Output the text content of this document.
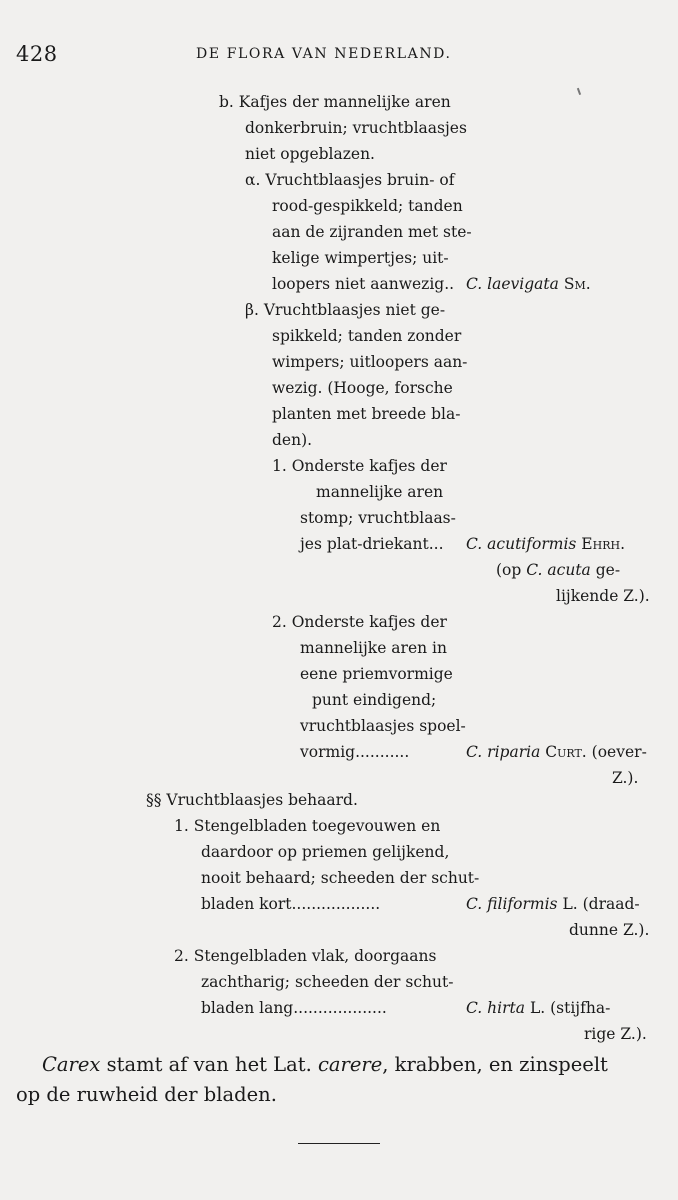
428	DE FLORA VAN NEDERLAND.
b. Kafjes der mannelijke aren
donkerbruin; vruchtblaasjes
niet opgeblazen.
α. Vruchtblaasjes bruin- of
rood-gespikkeld; tanden
aan de zijranden met ste-
kelige wimpertjes; uit-
loopers niet aanwezig.. C. laevigata Sm.
β. Vruchtblaasjes niet ge-
spikkeld; tanden zonder
wimpers; uitloopers aan-
wezig. (Hooge, forsche
planten met breede bla-
den).
1. Onderste kafjes der
mannelijke aren
stomp; vruchtblaas-
jes plat-driekant... C. acutiformis Ehrh.
(op C. acuta ge-
lijkende Z.).
2. Onderste kafjes der
mannelijke aren in
eene priemvormige
punt eindigend;
vruchtblaasjes spoel-
vormig...........	C. riparia Curt. (oever-
Z.).
§§ Vruchtblaasjes behaard.
1. Stengelbladen toegevouwen en
daardoor op priemen gelijkend,
nooit behaard; scheeden der schut-
bladen kort..................	C. filiformis L. (draad-
dunne Z.).
2. Stengelbladen vlak, doorgaans
zachtharig; scheeden der schut-
bladen lang...................	C. hirta L. (stijfha-
rige Z.).
Carex stamt af van het Lat. carere, krabben, en zinspeelt
op de ruwheid der bladen.
